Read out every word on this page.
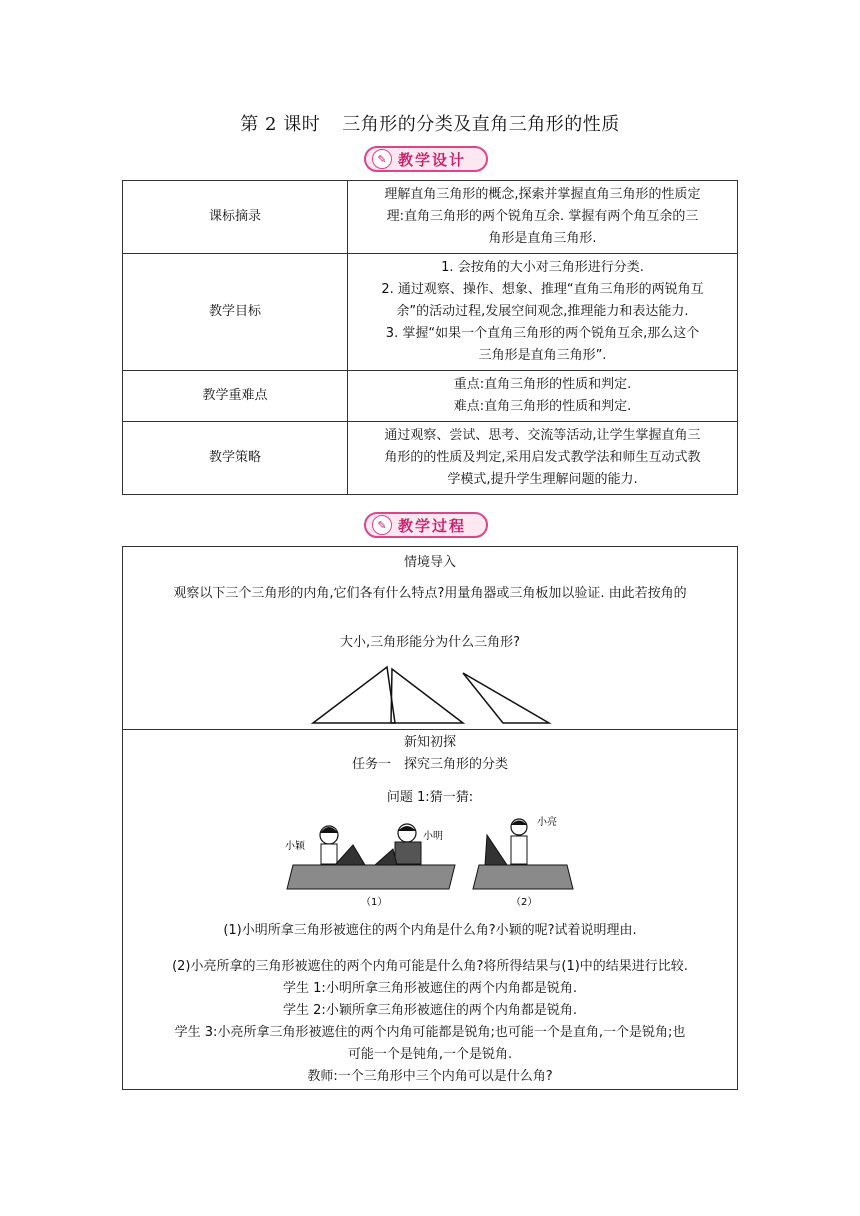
第 2 课时 三角形的分类及直角三角形的性质
✎ 教学设计
课标摘录	理解直角三角形的概念,探索并掌握直角三角形的性质定
理:直角三角形的两个锐角互余. 掌握有两个角互余的三
角形是直角三角形.

教学目标	1. 会按角的大小对三角形进行分类.
2. 通过观察、操作、想象、推理“直角三角形的两锐角互
余”的活动过程,发展空间观念,推理能力和表达能力.
3. 掌握“如果一个直角三角形的两个锐角互余,那么这个
三角形是直角三角形”.

教学重难点	重点:直角三角形的性质和判定.
难点:直角三角形的性质和判定.

教学策略	通过观察、尝试、思考、交流等活动,让学生掌握直角三
角形的的性质及判定,采用启发式教学法和师生互动式教
学模式,提升学生理解问题的能力.
✎ 教学过程
情境导入
观察以下三个三角形的内角,它们各有什么特点?用量角器或三角板加以验证. 由此若按角的
大小,三角形能分为什么三角形?
新知初探
任务一　探究三角形的分类
问题 1:猜一猜:
小颖
小明
小亮
（1）	（2）
(1)小明所拿三角形被遮住的两个内角是什么角?小颖的呢?试着说明理由.
(2)小亮所拿的三角形被遮住的两个内角可能是什么角?将所得结果与(1)中的结果进行比较.
学生 1:小明所拿三角形被遮住的两个内角都是锐角.
学生 2:小颖所拿三角形被遮住的两个内角都是锐角.
学生 3:小亮所拿三角形被遮住的两个内角可能都是锐角;也可能一个是直角,一个是锐角;也
可能一个是钝角,一个是锐角.
教师:一个三角形中三个内角可以是什么角?
